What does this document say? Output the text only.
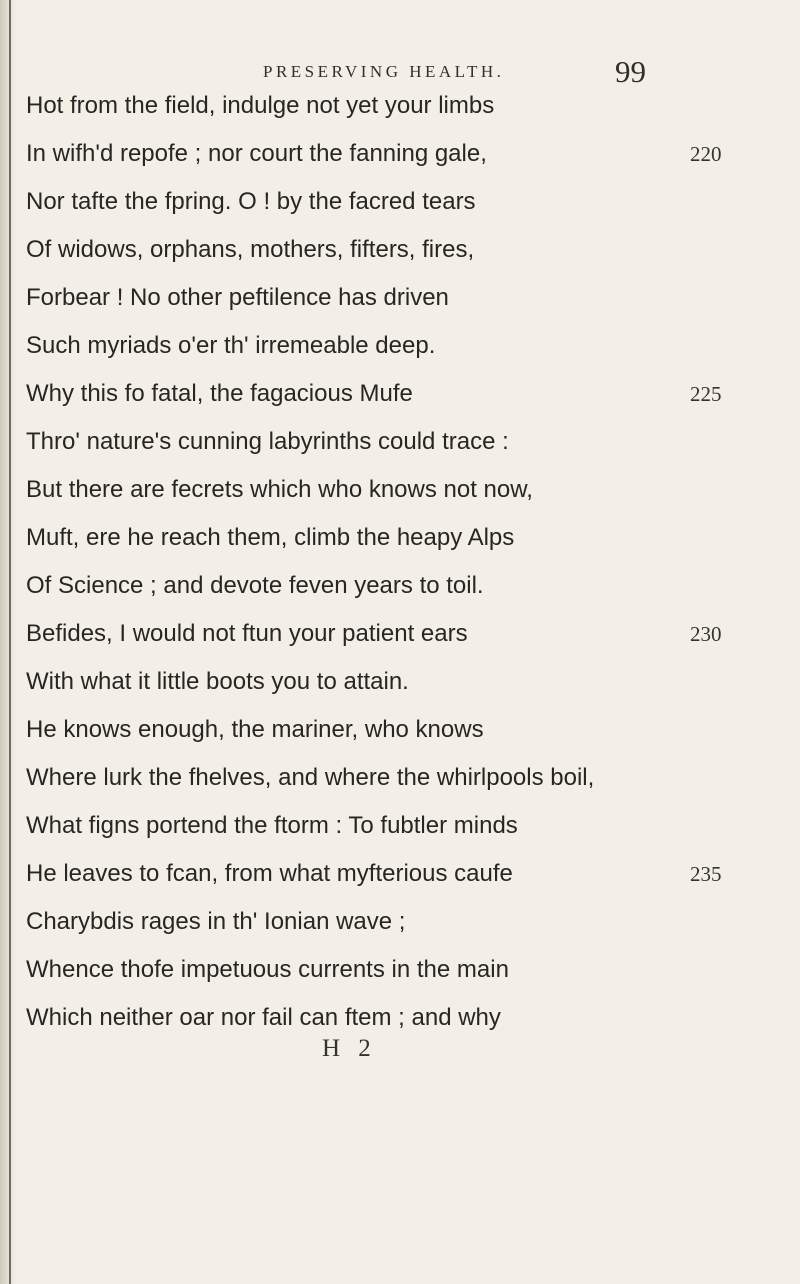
PRESERVING HEALTH.	99
Hot from the field, indulge not yet your limbs
In wifh'd repofe ; nor court the fanning gale,
Nor tafte the fpring. O ! by the facred tears
Of widows, orphans, mothers, fifters, fires,
Forbear ! No other peftilence has driven
Such myriads o'er th' irremeable deep.
Why this fo fatal, the fagacious Mufe
Thro' nature's cunning labyrinths could trace :
But there are fecrets which who knows not now,
Muft, ere he reach them, climb the heapy Alps
Of Science ; and devote feven years to toil.
Befides, I would not ftun your patient ears
With what it little boots you to attain.
He knows enough, the mariner, who knows
Where lurk the fhelves, and where the whirlpools boil,
What figns portend the ftorm : To fubtler minds
He leaves to fcan, from what myfterious caufe
Charybdis rages in th' Ionian wave ;
Whence thofe impetuous currents in the main
Which neither oar nor fail can ftem ; and why
220
225
230
235
H 2
